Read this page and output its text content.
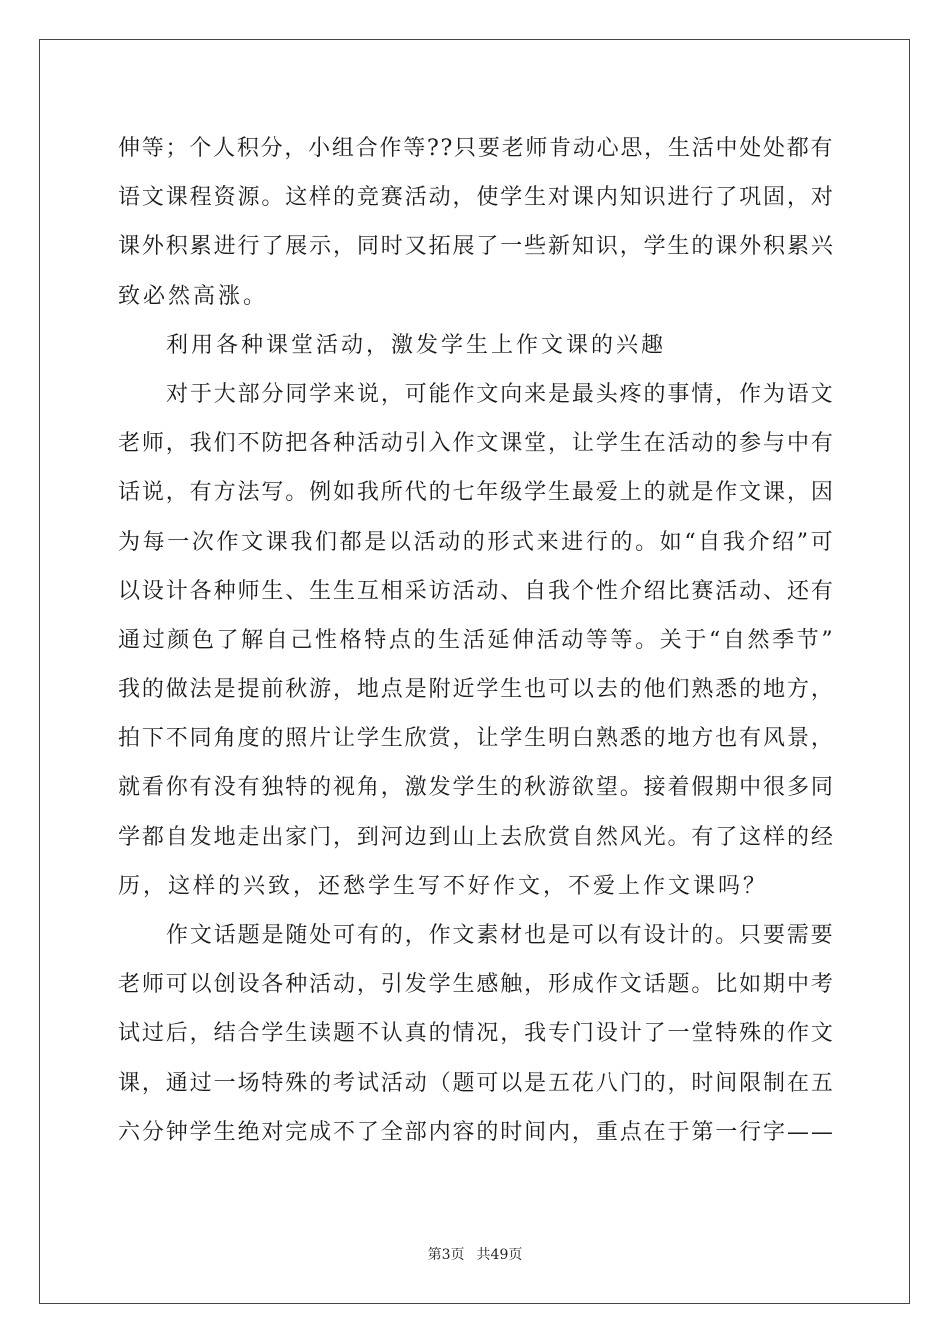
伸 等 ； 个 人 积 分 ， 小 组 合 作 等 ? ? 只 要 老 师 肯 动 心 思 ， 生 活 中 处 处 都 有
语 文 课 程 资 源 。 这 样 的 竞 赛 活 动 ， 使 学 生 对 课 内 知 识 进 行 了 巩 固 ， 对
课 外 积 累 进 行 了 展 示 ， 同 时 又 拓 展 了 一 些 新 知 识 ， 学 生 的 课 外 积 累 兴
致必然高涨。
利用各种课堂活动，激发学生上作文课的兴趣
对 于 大 部 分 同 学 来 说 ， 可 能 作 文 向 来 是 最 头 疼 的 事 情 ， 作 为 语 文
老 师 ， 我 们 不 防 把 各 种 活 动 引 入 作 文 课 堂 ， 让 学 生 在 活 动 的 参 与 中 有
话 说 ， 有 方 法 写 。 例 如 我 所 代 的 七 年 级 学 生 最 爱 上 的 就 是 作 文 课 ， 因
为 每 一 次 作 文 课 我 们 都 是 以 活 动 的 形 式 来 进 行 的 。 如 “ 自 我 介 绍 ” 可
以 设 计 各 种 师 生 、 生 生 互 相 采 访 活 动 、 自 我 个 性 介 绍 比 赛 活 动 、 还 有
通 过 颜 色 了 解 自 己 性 格 特 点 的 生 活 延 伸 活 动 等 等 。 关 于 “ 自 然 季 节 ”
我 的 做 法 是 提 前 秋 游 ， 地 点 是 附 近 学 生 也 可 以 去 的 他 们 熟 悉 的 地 方 ，
拍 下 不 同 角 度 的 照 片 让 学 生 欣 赏 ， 让 学 生 明 白 熟 悉 的 地 方 也 有 风 景 ，
就 看 你 有 没 有 独 特 的 视 角 ， 激 发 学 生 的 秋 游 欲 望 。 接 着 假 期 中 很 多 同
学 都 自 发 地 走 出 家 门 ， 到 河 边 到 山 上 去 欣 赏 自 然 风 光 。 有 了 这 样 的 经
历，这样的兴致，还愁学生写不好作文，不爱上作文课吗？
作 文 话 题 是 随 处 可 有 的 ， 作 文 素 材 也 是 可 以 有 设 计 的 。 只 要 需 要
老 师 可 以 创 设 各 种 活 动 ， 引 发 学 生 感 触 ， 形 成 作 文 话 题 。 比 如 期 中 考
试 过 后 ， 结 合 学 生 读 题 不 认 真 的 情 况 ， 我 专 门 设 计 了 一 堂 特 殊 的 作 文
课 ， 通 过 一 场 特 殊 的 考 试 活 动 （ 题 可 以 是 五 花 八 门 的 ， 时 间 限 制 在 五
六 分 钟 学 生 绝 对 完 成 不 了 全 部 内 容 的 时 间 内 ， 重 点 在 于 第 一 行 字 — —
第3页 共49页
